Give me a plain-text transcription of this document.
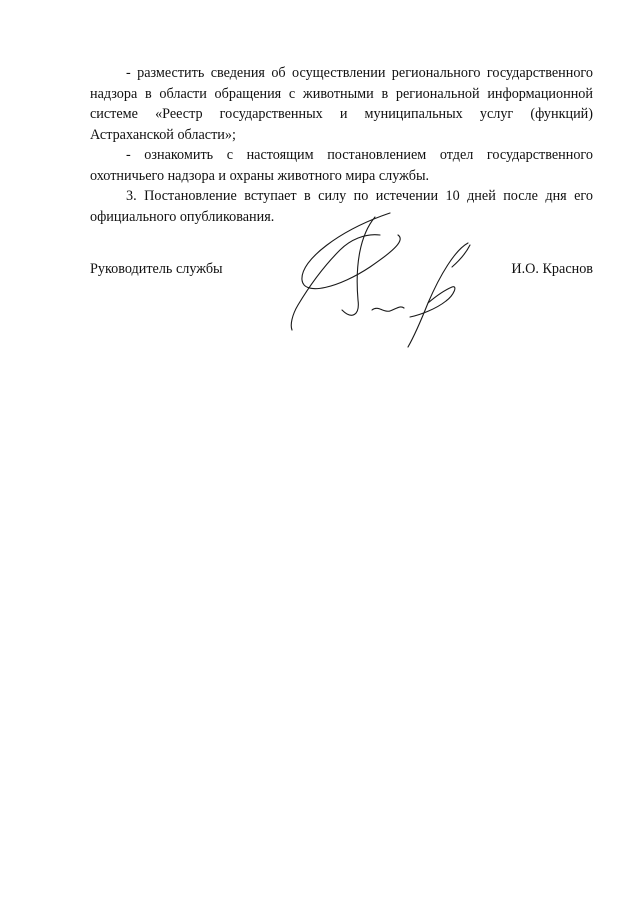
- разместить сведения об осуществлении регионального государственного надзора в области обращения с животными в региональной информационной системе «Реестр государственных и муниципальных услуг (функций) Астраханской области»;

- ознакомить с настоящим постановлением отдел государственного охотничьего надзора и охраны животного мира службы.

3. Постановление вступает в силу по истечении 10 дней после дня его официального опубликования.

Руководитель службы	И.О. Краснов
